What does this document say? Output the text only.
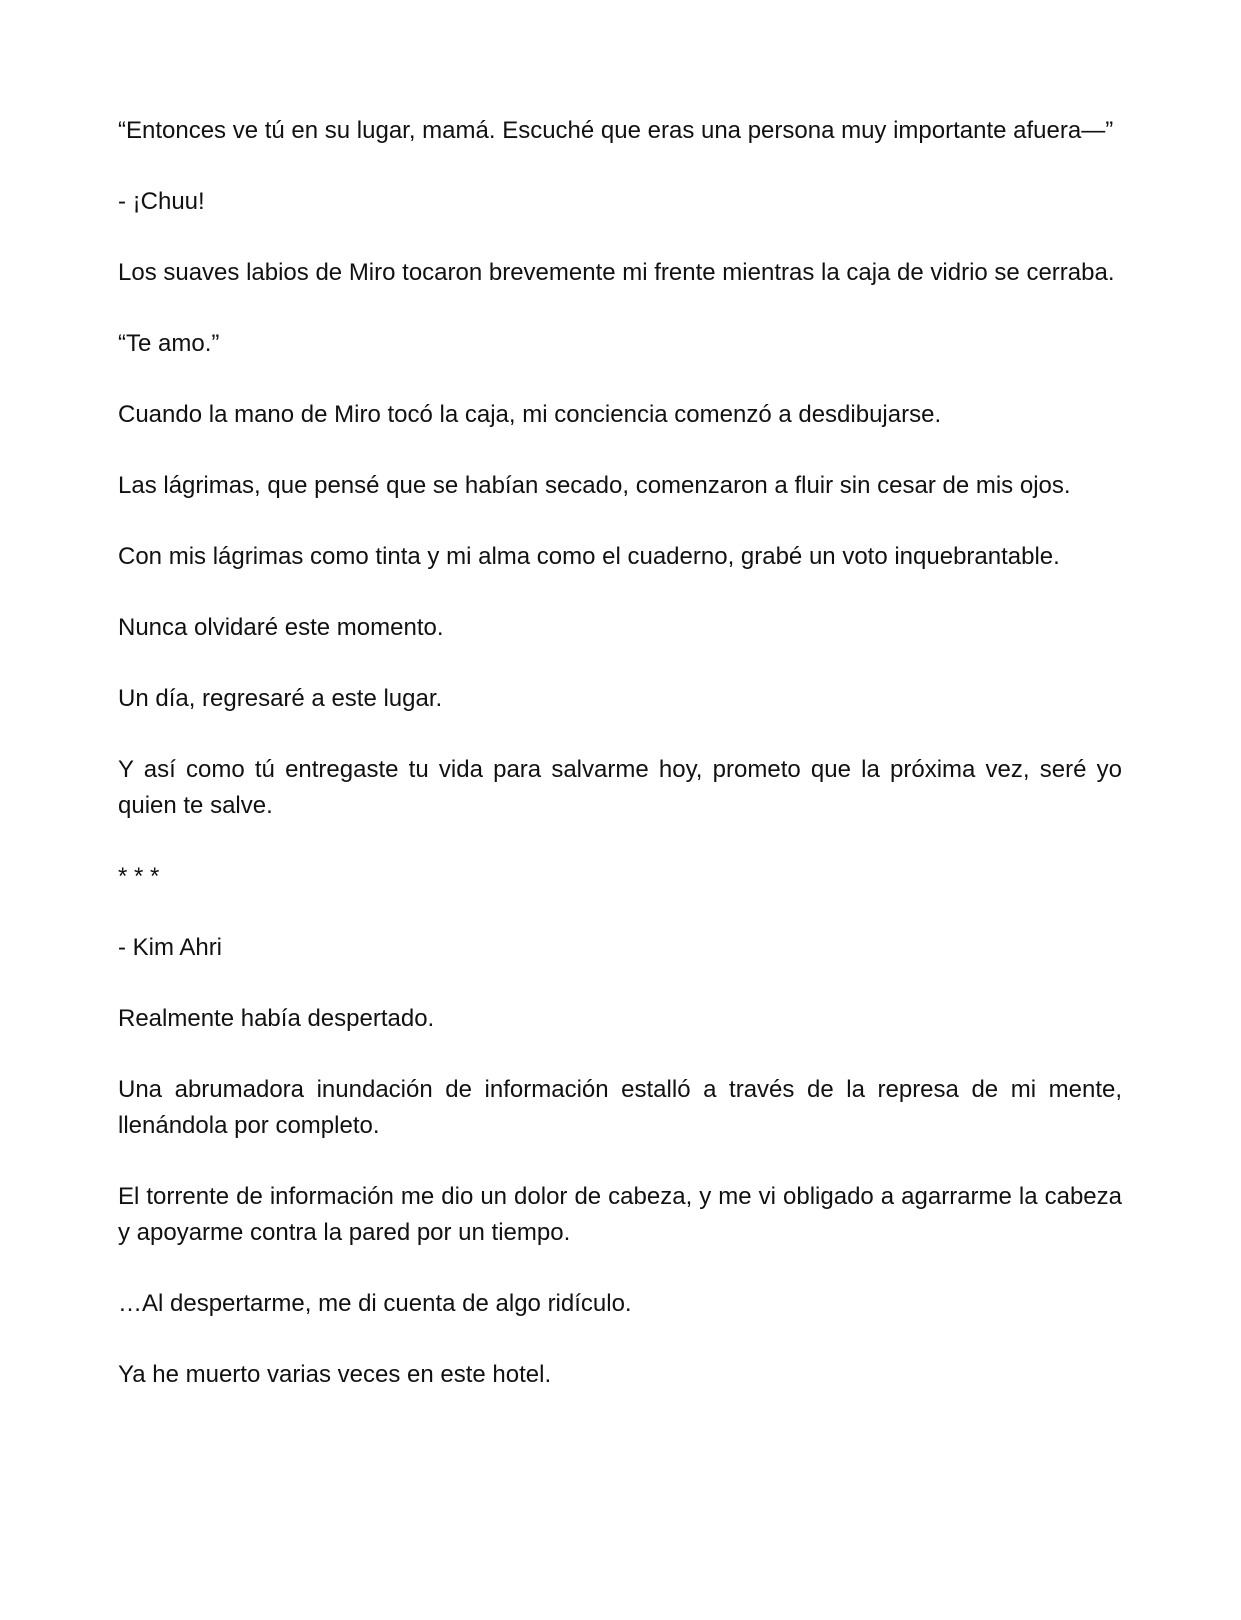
“Entonces ve tú en su lugar, mamá. Escuché que eras una persona muy importante afuera—”

- ¡Chuu!

Los suaves labios de Miro tocaron brevemente mi frente mientras la caja de vidrio se cerraba.

“Te amo.”

Cuando la mano de Miro tocó la caja, mi conciencia comenzó a desdibujarse.

Las lágrimas, que pensé que se habían secado, comenzaron a fluir sin cesar de mis ojos.

Con mis lágrimas como tinta y mi alma como el cuaderno, grabé un voto inquebrantable.

Nunca olvidaré este momento.

Un día, regresaré a este lugar.

Y así como tú entregaste tu vida para salvarme hoy, prometo que la próxima vez, seré yo quien te salve.

* * *

- Kim Ahri

Realmente había despertado.

Una abrumadora inundación de información estalló a través de la represa de mi mente, llenándola por completo.

El torrente de información me dio un dolor de cabeza, y me vi obligado a agarrarme la cabeza y apoyarme contra la pared por un tiempo.

…Al despertarme, me di cuenta de algo ridículo.

Ya he muerto varias veces en este hotel.
